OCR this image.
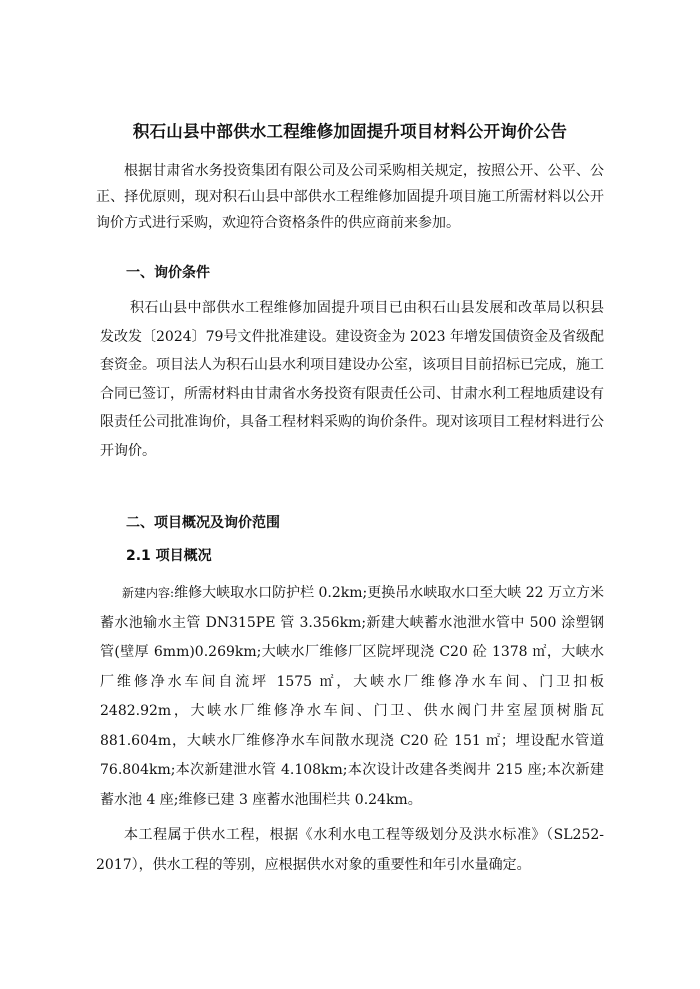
积石山县中部供水工程维修加固提升项目材料公开询价公告
根据甘肃省水务投资集团有限公司及公司采购相关规定，按照公开、公平、公正、择优原则，现对积石山县中部供水工程维修加固提升项目施工所需材料以公开询价方式进行采购，欢迎符合资格条件的供应商前来参加。
一、询价条件
积石山县中部供水工程维修加固提升项目已由积石山县发展和改革局以积县发改发〔2024〕79号文件批准建设。建设资金为 2023 年增发国债资金及省级配套资金。项目法人为积石山县水利项目建设办公室，该项目目前招标已完成，施工合同已签订，所需材料由甘肃省水务投资有限责任公司、甘肃水利工程地质建设有限责任公司批准询价，具备工程材料采购的询价条件。现对该项目工程材料进行公开询价。
二、项目概况及询价范围
2.1 项目概况
新建内容:维修大峡取水口防护栏 0.2km;更换吊水峡取水口至大峡 22 万立方米蓄水池输水主管 DN315PE 管 3.356km;新建大峡蓄水池泄水管中 500 涂塑钢管(壁厚 6mm)0.269km;大峡水厂维修厂区院坪现浇 C20 砼 1378 ㎡，大峡水厂维修净水车间自流坪 1575 ㎡，大峡水厂维修净水车间、门卫扣板 2482.92m，大峡水厂维修净水车间、门卫、供水阀门井室屋顶树脂瓦 881.604m，大峡水厂维修净水车间散水现浇 C20 砼 151 ㎡；埋设配水管道 76.804km;本次新建泄水管 4.108km;本次设计改建各类阀井 215 座;本次新建蓄水池 4 座;维修已建 3 座蓄水池围栏共 0.24km。
本工程属于供水工程，根据《水利水电工程等级划分及洪水标准》（SL252-2017），供水工程的等别，应根据供水对象的重要性和年引水量确定。
